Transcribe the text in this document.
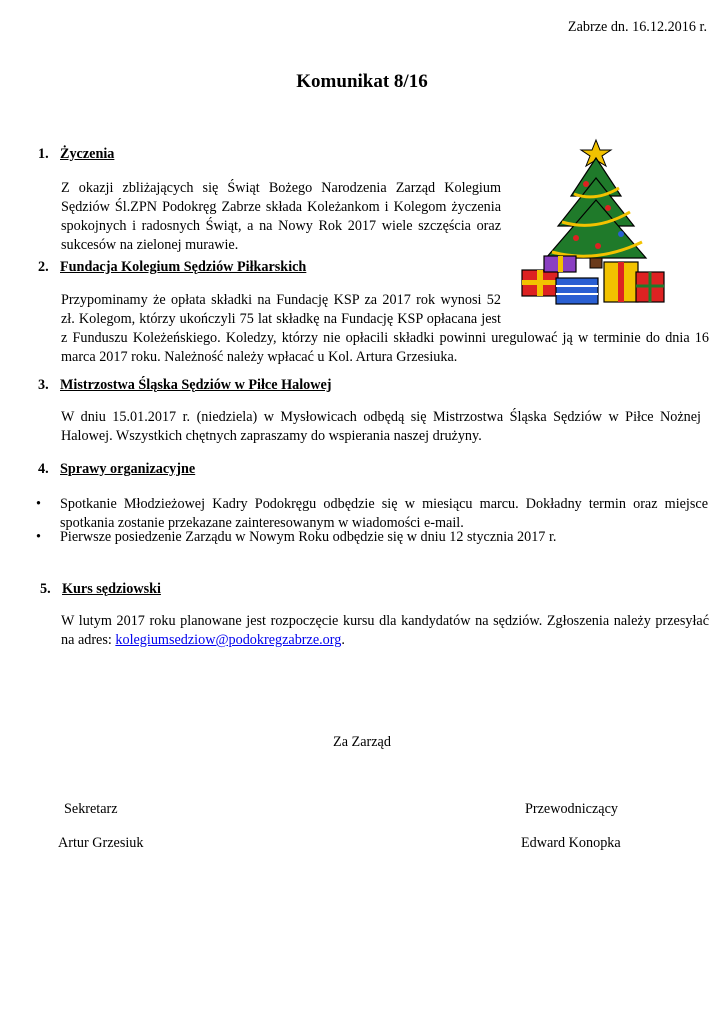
Zabrze dn. 16.12.2016 r.
Komunikat 8/16
1. Życzenia
Z okazji zbliżających się Świąt Bożego Narodzenia Zarząd Kolegium
Sędziów Śl.ZPN Podokręg Zabrze składa Koleżankom i Kolegom życzenia
spokojnych i radosnych Świąt, a na Nowy Rok 2017 wiele szczęścia oraz
sukcesów na zielonej murawie.
2. Fundacja Kolegium Sędziów Piłkarskich
Przypominamy że opłata składki na Fundację KSP za 2017 rok wynosi 52
zł. Kolegom, którzy ukończyli 75 lat składkę na Fundację KSP opłacana jest
z Funduszu Koleżeńskiego. Koledzy, którzy nie opłacili składki powinni uregulować ją w terminie do dnia 16
marca 2017 roku. Należność należy wpłacać u Kol. Artura Grzesiuka.
3. Mistrzostwa Śląska Sędziów w Piłce Halowej
W dniu 15.01.2017 r. (niedziela) w Mysłowicach odbędą się Mistrzostwa Śląska Sędziów w Piłce Nożnej
Halowej. Wszystkich chętnych zapraszamy do wspierania naszej drużyny.
4. Sprawy organizacyjne
• Spotkanie Młodzieżowej Kadry Podokręgu odbędzie się w miesiącu marcu. Dokładny termin oraz miejsce
spotkania zostanie przekazane zainteresowanym w wiadomości e-mail.
• Pierwsze posiedzenie Zarządu w Nowym Roku odbędzie się w dniu 12 stycznia 2017 r.
5. Kurs sędziowski
W lutym 2017 roku planowane jest rozpoczęcie kursu dla kandydatów na sędziów. Zgłoszenia należy przesyłać
na adres: kolegiumsedziow@podokregzabrze.org.
Za Zarząd
Sekretarz
Artur Grzesiuk
Przewodniczący
Edward Konopka
